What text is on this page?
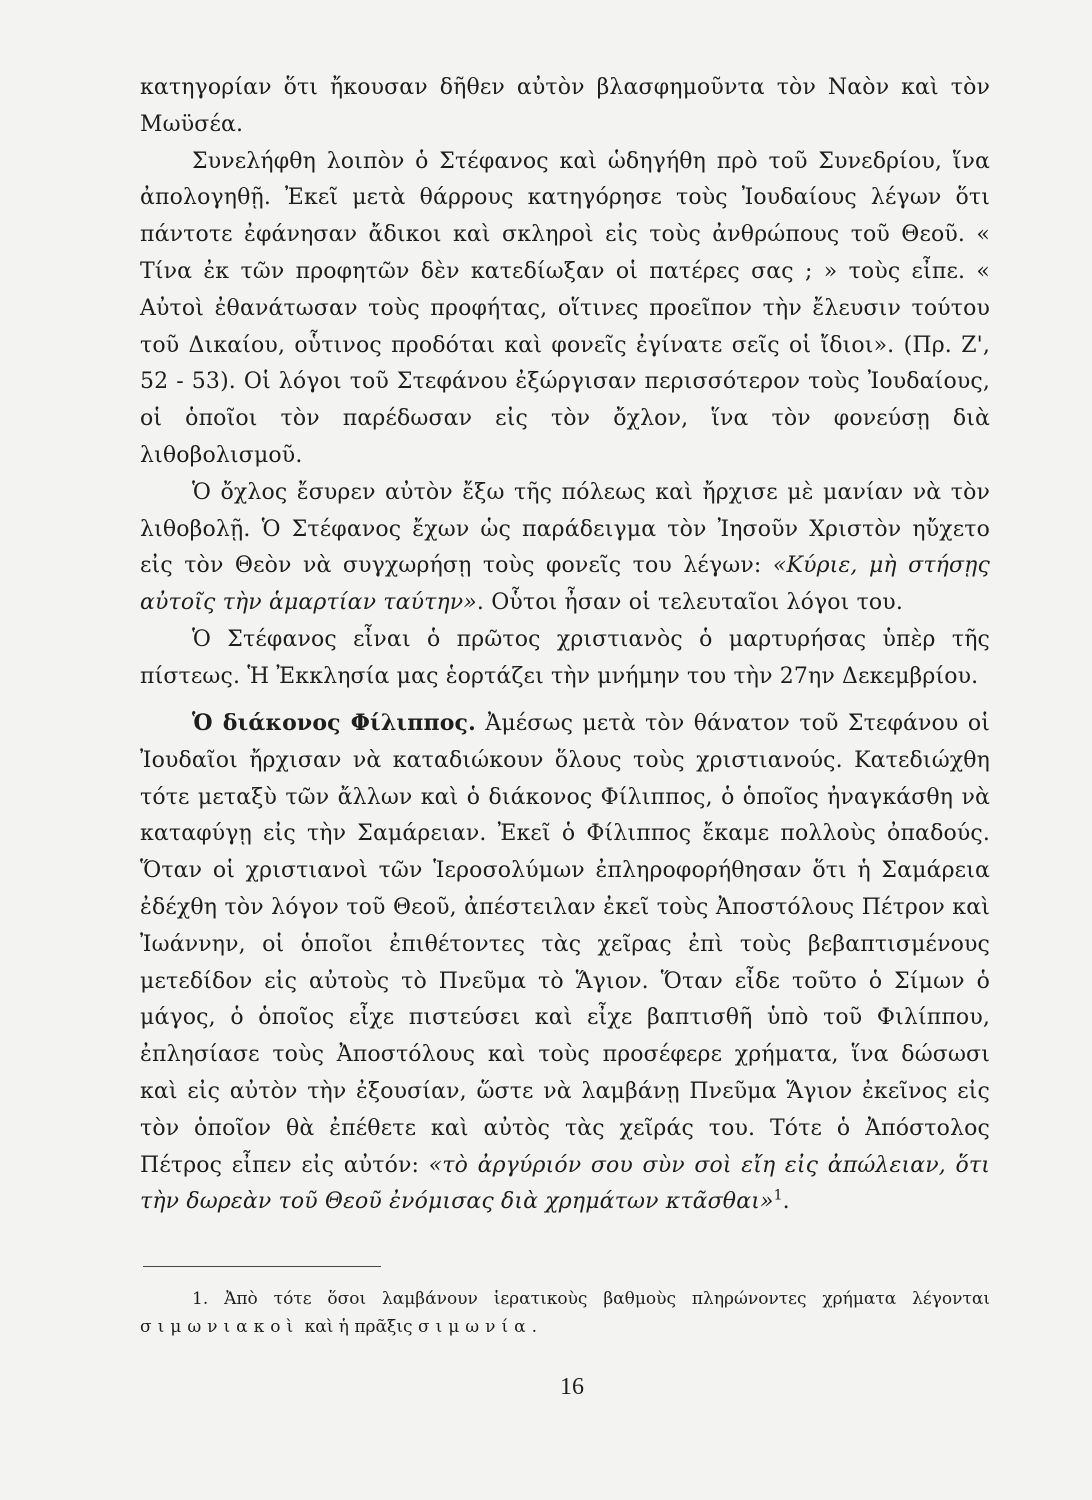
κατηγορίαν ὅτι ἤκουσαν δῆθεν αὐτὸν βλασφημοῦντα τὸν Ναὸν καὶ τὸν Μωϋσέα.

Συνελήφθη λοιπὸν ὁ Στέφανος καὶ ὡδηγήθη πρὸ τοῦ Συνεδρίου, ἵνα ἀπολογηθῇ. Ἐκεῖ μετὰ θάρρους κατηγόρησε τοὺς Ἰουδαίους λέγων ὅτι πάντοτε ἐφάνησαν ἄδικοι καὶ σκληροὶ εἰς τοὺς ἀνθρώπους τοῦ Θεοῦ. « Τίνα ἐκ τῶν προφητῶν δὲν κατεδίωξαν οἱ πατέρες σας ; » τοὺς εἶπε. « Αὐτοὶ ἐθανάτωσαν τοὺς προφήτας, οἵτινες προεῖπον τὴν ἔλευσιν τούτου τοῦ Δικαίου, οὗτινος προδόται καὶ φονεῖς ἐγίνατε σεῖς οἱ ἴδιοι». (Πρ. Ζ', 52 - 53). Οἱ λόγοι τοῦ Στεφάνου ἐξώργισαν περισσότερον τοὺς Ἰουδαίους, οἱ ὁποῖοι τὸν παρέδωσαν εἰς τὸν ὄχλον, ἵνα τὸν φονεύσῃ διὰ λιθοβολισμοῦ.

Ὁ ὄχλος ἔσυρεν αὐτὸν ἔξω τῆς πόλεως καὶ ἤρχισε μὲ μανίαν νὰ τὸν λιθοβολῇ. Ὁ Στέφανος ἔχων ὡς παράδειγμα τὸν Ἰησοῦν Χριστὸν ηὔχετο εἰς τὸν Θεὸν νὰ συγχωρήσῃ τοὺς φονεῖς του λέγων: «Κύριε, μὴ στήσῃς αὐτοῖς τὴν ἁμαρτίαν ταύτην». Οὗτοι ἦσαν οἱ τελευταῖοι λόγοι του.

Ὁ Στέφανος εἶναι ὁ πρῶτος χριστιανὸς ὁ μαρτυρήσας ὑπὲρ τῆς πίστεως. Ἡ Ἐκκλησία μας ἑορτάζει τὴν μνήμην του τὴν 27ην Δεκεμβρίου.

Ὁ διάκονος Φίλιππος. Ἀμέσως μετὰ τὸν θάνατον τοῦ Στεφάνου οἱ Ἰουδαῖοι ἤρχισαν νὰ καταδιώκουν ὅλους τοὺς χριστιανούς. Κατεδιώχθη τότε μεταξὺ τῶν ἄλλων καὶ ὁ διάκονος Φίλιππος, ὁ ὁποῖος ἠναγκάσθη νὰ καταφύγῃ εἰς τὴν Σαμάρειαν. Ἐκεῖ ὁ Φίλιππος ἔκαμε πολλοὺς ὀπαδούς. Ὅταν οἱ χριστιανοὶ τῶν Ἱεροσολύμων ἐπληροφορήθησαν ὅτι ἡ Σαμάρεια ἐδέχθη τὸν λόγον τοῦ Θεοῦ, ἀπέστειλαν ἐκεῖ τοὺς Ἀποστόλους Πέτρον καὶ Ἰωάννην, οἱ ὁποῖοι ἐπιθέτοντες τὰς χεῖρας ἐπὶ τοὺς βεβαπτισμένους μετεδίδον εἰς αὐτοὺς τὸ Πνεῦμα τὸ Ἅγιον. Ὅταν εἶδε τοῦτο ὁ Σίμων ὁ μάγος, ὁ ὁποῖος εἶχε πιστεύσει καὶ εἶχε βαπτισθῆ ὑπὸ τοῦ Φιλίππου, ἐπλησίασε τοὺς Ἀποστόλους καὶ τοὺς προσέφερε χρήματα, ἵνα δώσωσι καὶ εἰς αὐτὸν τὴν ἐξουσίαν, ὥστε νὰ λαμβάνῃ Πνεῦμα Ἅγιον ἐκεῖνος εἰς τὸν ὁποῖον θὰ ἐπέθετε καὶ αὐτὸς τὰς χεῖράς του. Τότε ὁ Ἀπόστολος Πέτρος εἶπεν εἰς αὐτόν: «τὸ ἀργύριόν σου σὺν σοὶ εἴη εἰς ἀπώλειαν, ὅτι τὴν δωρεὰν τοῦ Θεοῦ ἐνόμισας διὰ χρημάτων κτᾶσθαι»$^1$.

1. Ἀπὸ τότε ὅσοι λαμβάνουν ἱερατικοὺς βαθμοὺς πληρώνοντες χρήματα λέγονται σιμωνιακοὶ καὶ ἡ πρᾶξις σιμωνία.

16
